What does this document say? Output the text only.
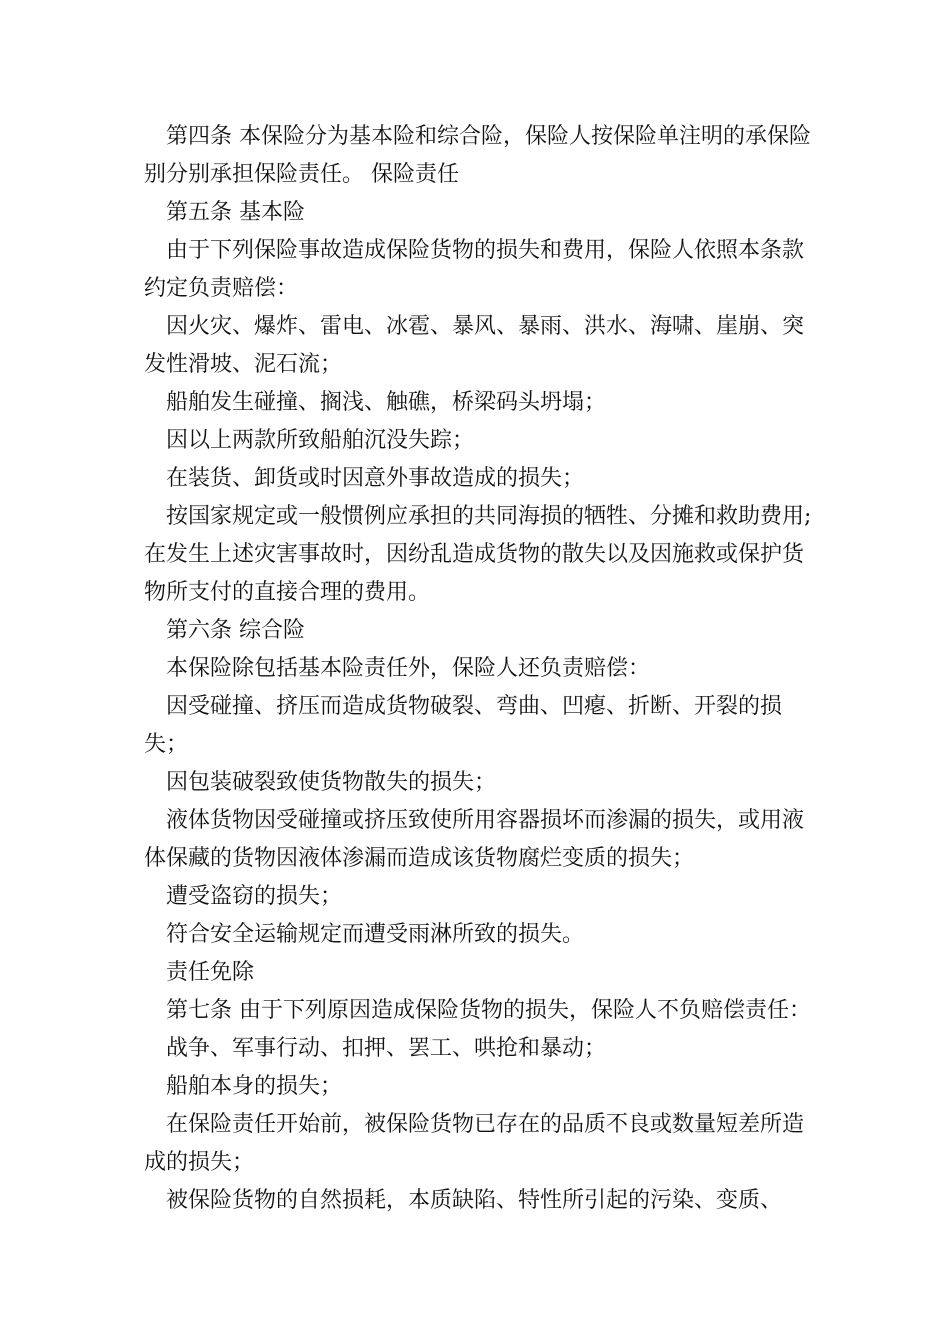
第四条 本保险分为基本险和综合险，保险人按保险单注明的承保险别分别承担保险责任。 保险责任

第五条 基本险

由于下列保险事故造成保险货物的损失和费用，保险人依照本条款约定负责赔偿：

因火灾、爆炸、雷电、冰雹、暴风、暴雨、洪水、海啸、崖崩、突发性滑坡、泥石流；

船舶发生碰撞、搁浅、触礁，桥梁码头坍塌；

因以上两款所致船舶沉没失踪；

在装货、卸货或时因意外事故造成的损失；

按国家规定或一般惯例应承担的共同海损的牺牲、分摊和救助费用;在发生上述灾害事故时，因纷乱造成货物的散失以及因施救或保护货物所支付的直接合理的费用。

第六条 综合险

本保险除包括基本险责任外，保险人还负责赔偿：

因受碰撞、挤压而造成货物破裂、弯曲、凹瘪、折断、开裂的损失；

因包装破裂致使货物散失的损失；

液体货物因受碰撞或挤压致使所用容器损坏而渗漏的损失，或用液体保藏的货物因液体渗漏而造成该货物腐烂变质的损失；

遭受盗窃的损失；

符合安全运输规定而遭受雨淋所致的损失。

责任免除

第七条 由于下列原因造成保险货物的损失，保险人不负赔偿责任：

战争、军事行动、扣押、罢工、哄抢和暴动；

船舶本身的损失；

在保险责任开始前，被保险货物已存在的品质不良或数量短差所造成的损失；

被保险货物的自然损耗，本质缺陷、特性所引起的污染、变质、
